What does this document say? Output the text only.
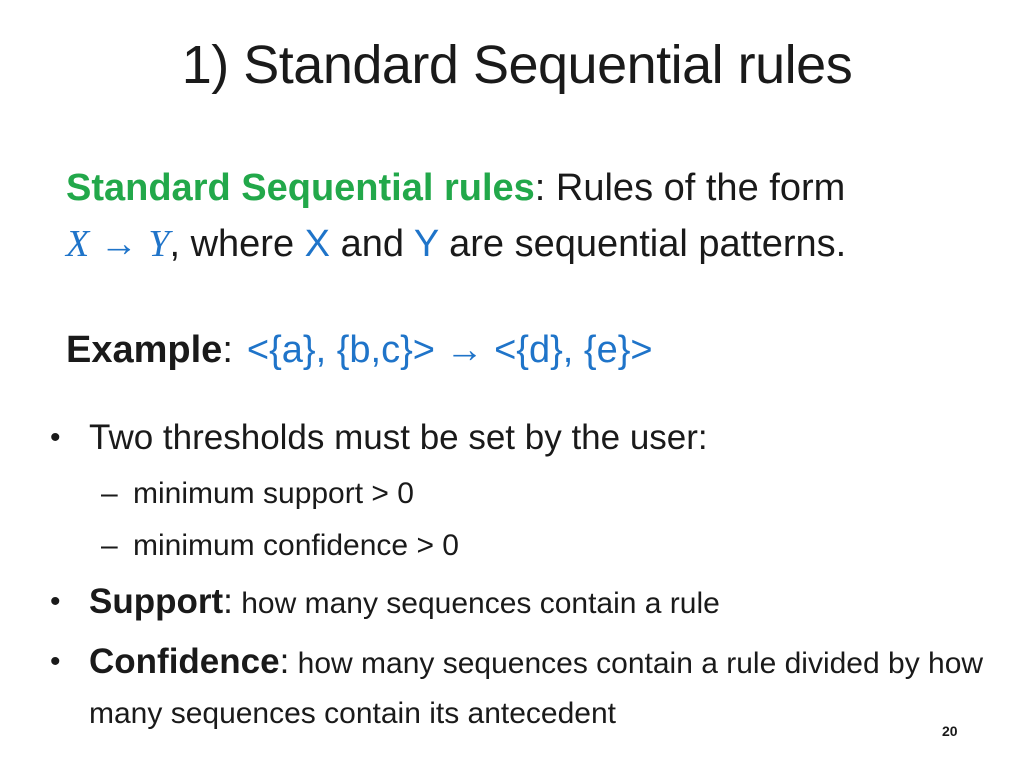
1) Standard Sequential rules
Standard Sequential rules: Rules of the form
X → Y, where X and Y are sequential patterns.
Example: <{a}, {b,c}> → <{d}, {e}>
• Two thresholds must be set by the user:
– minimum support > 0
– minimum confidence > 0
• Support: how many sequences contain a rule
• Confidence: how many sequences contain a rule divided by how many sequences contain its antecedent
20
